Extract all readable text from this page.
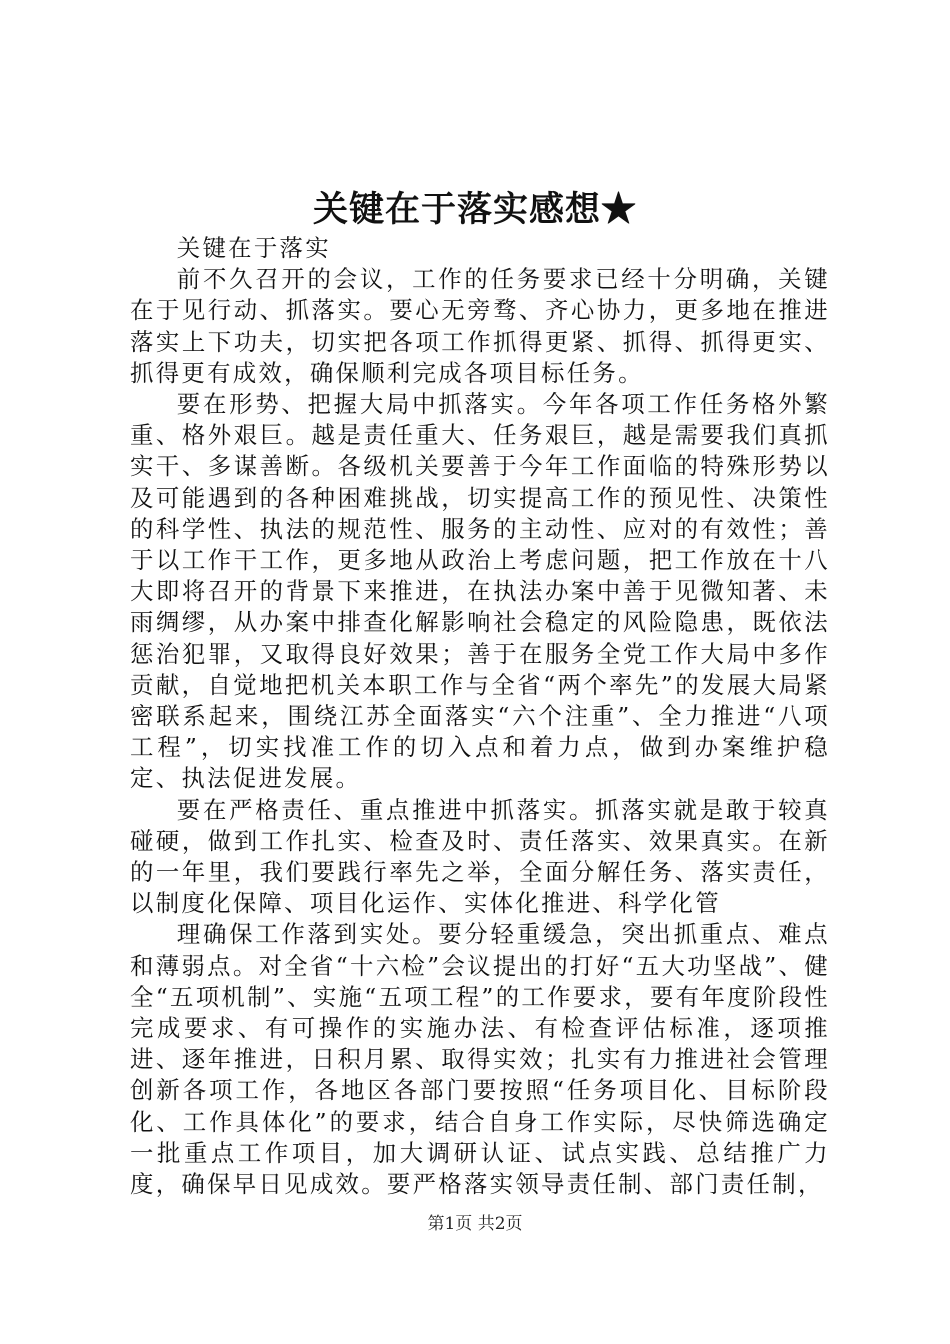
关键在于落实感想★

关键在于落实

前不久召开的会议，工作的任务要求已经十分明确，关键在于见行动、抓落实。要心无旁骛、齐心协力，更多地在推进落实上下功夫，切实把各项工作抓得更紧、抓得、抓得更实、抓得更有成效，确保顺利完成各项目标任务。

要在形势、把握大局中抓落实。今年各项工作任务格外繁重、格外艰巨。越是责任重大、任务艰巨，越是需要我们真抓实干、多谋善断。各级机关要善于今年工作面临的特殊形势以及可能遇到的各种困难挑战，切实提高工作的预见性、决策性的科学性、执法的规范性、服务的主动性、应对的有效性；善于以工作干工作，更多地从政治上考虑问题，把工作放在十八大即将召开的背景下来推进，在执法办案中善于见微知著、未雨绸缪，从办案中排查化解影响社会稳定的风险隐患，既依法惩治犯罪，又取得良好效果；善于在服务全党工作大局中多作贡献，自觉地把机关本职工作与全省“两个率先”的发展大局紧密联系起来，围绕江苏全面落实“六个注重”、全力推进“八项工程”，切实找准工作的切入点和着力点，做到办案维护稳定、执法促进发展。

要在严格责任、重点推进中抓落实。抓落实就是敢于较真碰硬，做到工作扎实、检查及时、责任落实、效果真实。在新的一年里，我们要践行率先之举，全面分解任务、落实责任，以制度化保障、项目化运作、实体化推进、科学化管

理确保工作落到实处。要分轻重缓急，突出抓重点、难点和薄弱点。对全省“十六检”会议提出的打好“五大功坚战”、健全“五项机制”、实施“五项工程”的工作要求，要有年度阶段性完成要求、有可操作的实施办法、有检查评估标准，逐项推进、逐年推进，日积月累、取得实效；扎实有力推进社会管理创新各项工作，各地区各部门要按照“任务项目化、目标阶段化、工作具体化”的要求，结合自身工作实际，尽快筛选确定一批重点工作项目，加大调研认证、试点实践、总结推广力度，确保早日见成效。要严格落实领导责任制、部门责任制，

第1页 共2页
